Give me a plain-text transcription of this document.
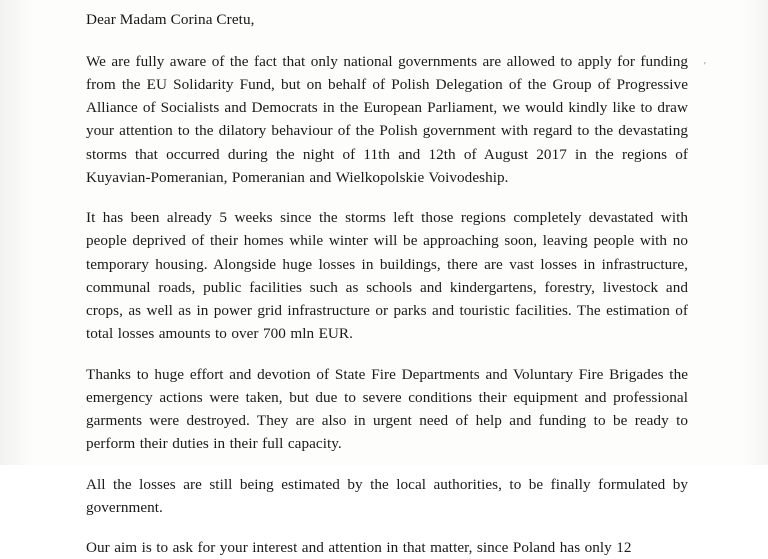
Dear Madam Corina Cretu,

We are fully aware of the fact that only national governments are allowed to apply for funding from the EU Solidarity Fund, but on behalf of Polish Delegation of the Group of Progressive Alliance of Socialists and Democrats in the European Parliament, we would kindly like to draw your attention to the dilatory behaviour of the Polish government with regard to the devastating storms that occurred during the night of 11th and 12th of August 2017 in the regions of Kuyavian-Pomeranian, Pomeranian and Wielkopolskie Voivodeship.

It has been already 5 weeks since the storms left those regions completely devastated with people deprived of their homes while winter will be approaching soon, leaving people with no temporary housing. Alongside huge losses in buildings, there are vast losses in infrastructure, communal roads, public facilities such as schools and kindergartens, forestry, livestock and crops, as well as in power grid infrastructure or parks and touristic facilities. The estimation of total losses amounts to over 700 mln EUR.

Thanks to huge effort and devotion of State Fire Departments and Voluntary Fire Brigades the emergency actions were taken, but due to severe conditions their equipment and professional garments were destroyed. They are also in urgent need of help and funding to be ready to perform their duties in their full capacity.

All the losses are still being estimated by the local authorities, to be finally formulated by government.

Our aim is to ask for your interest and attention in that matter, since Poland has only 12

˹
